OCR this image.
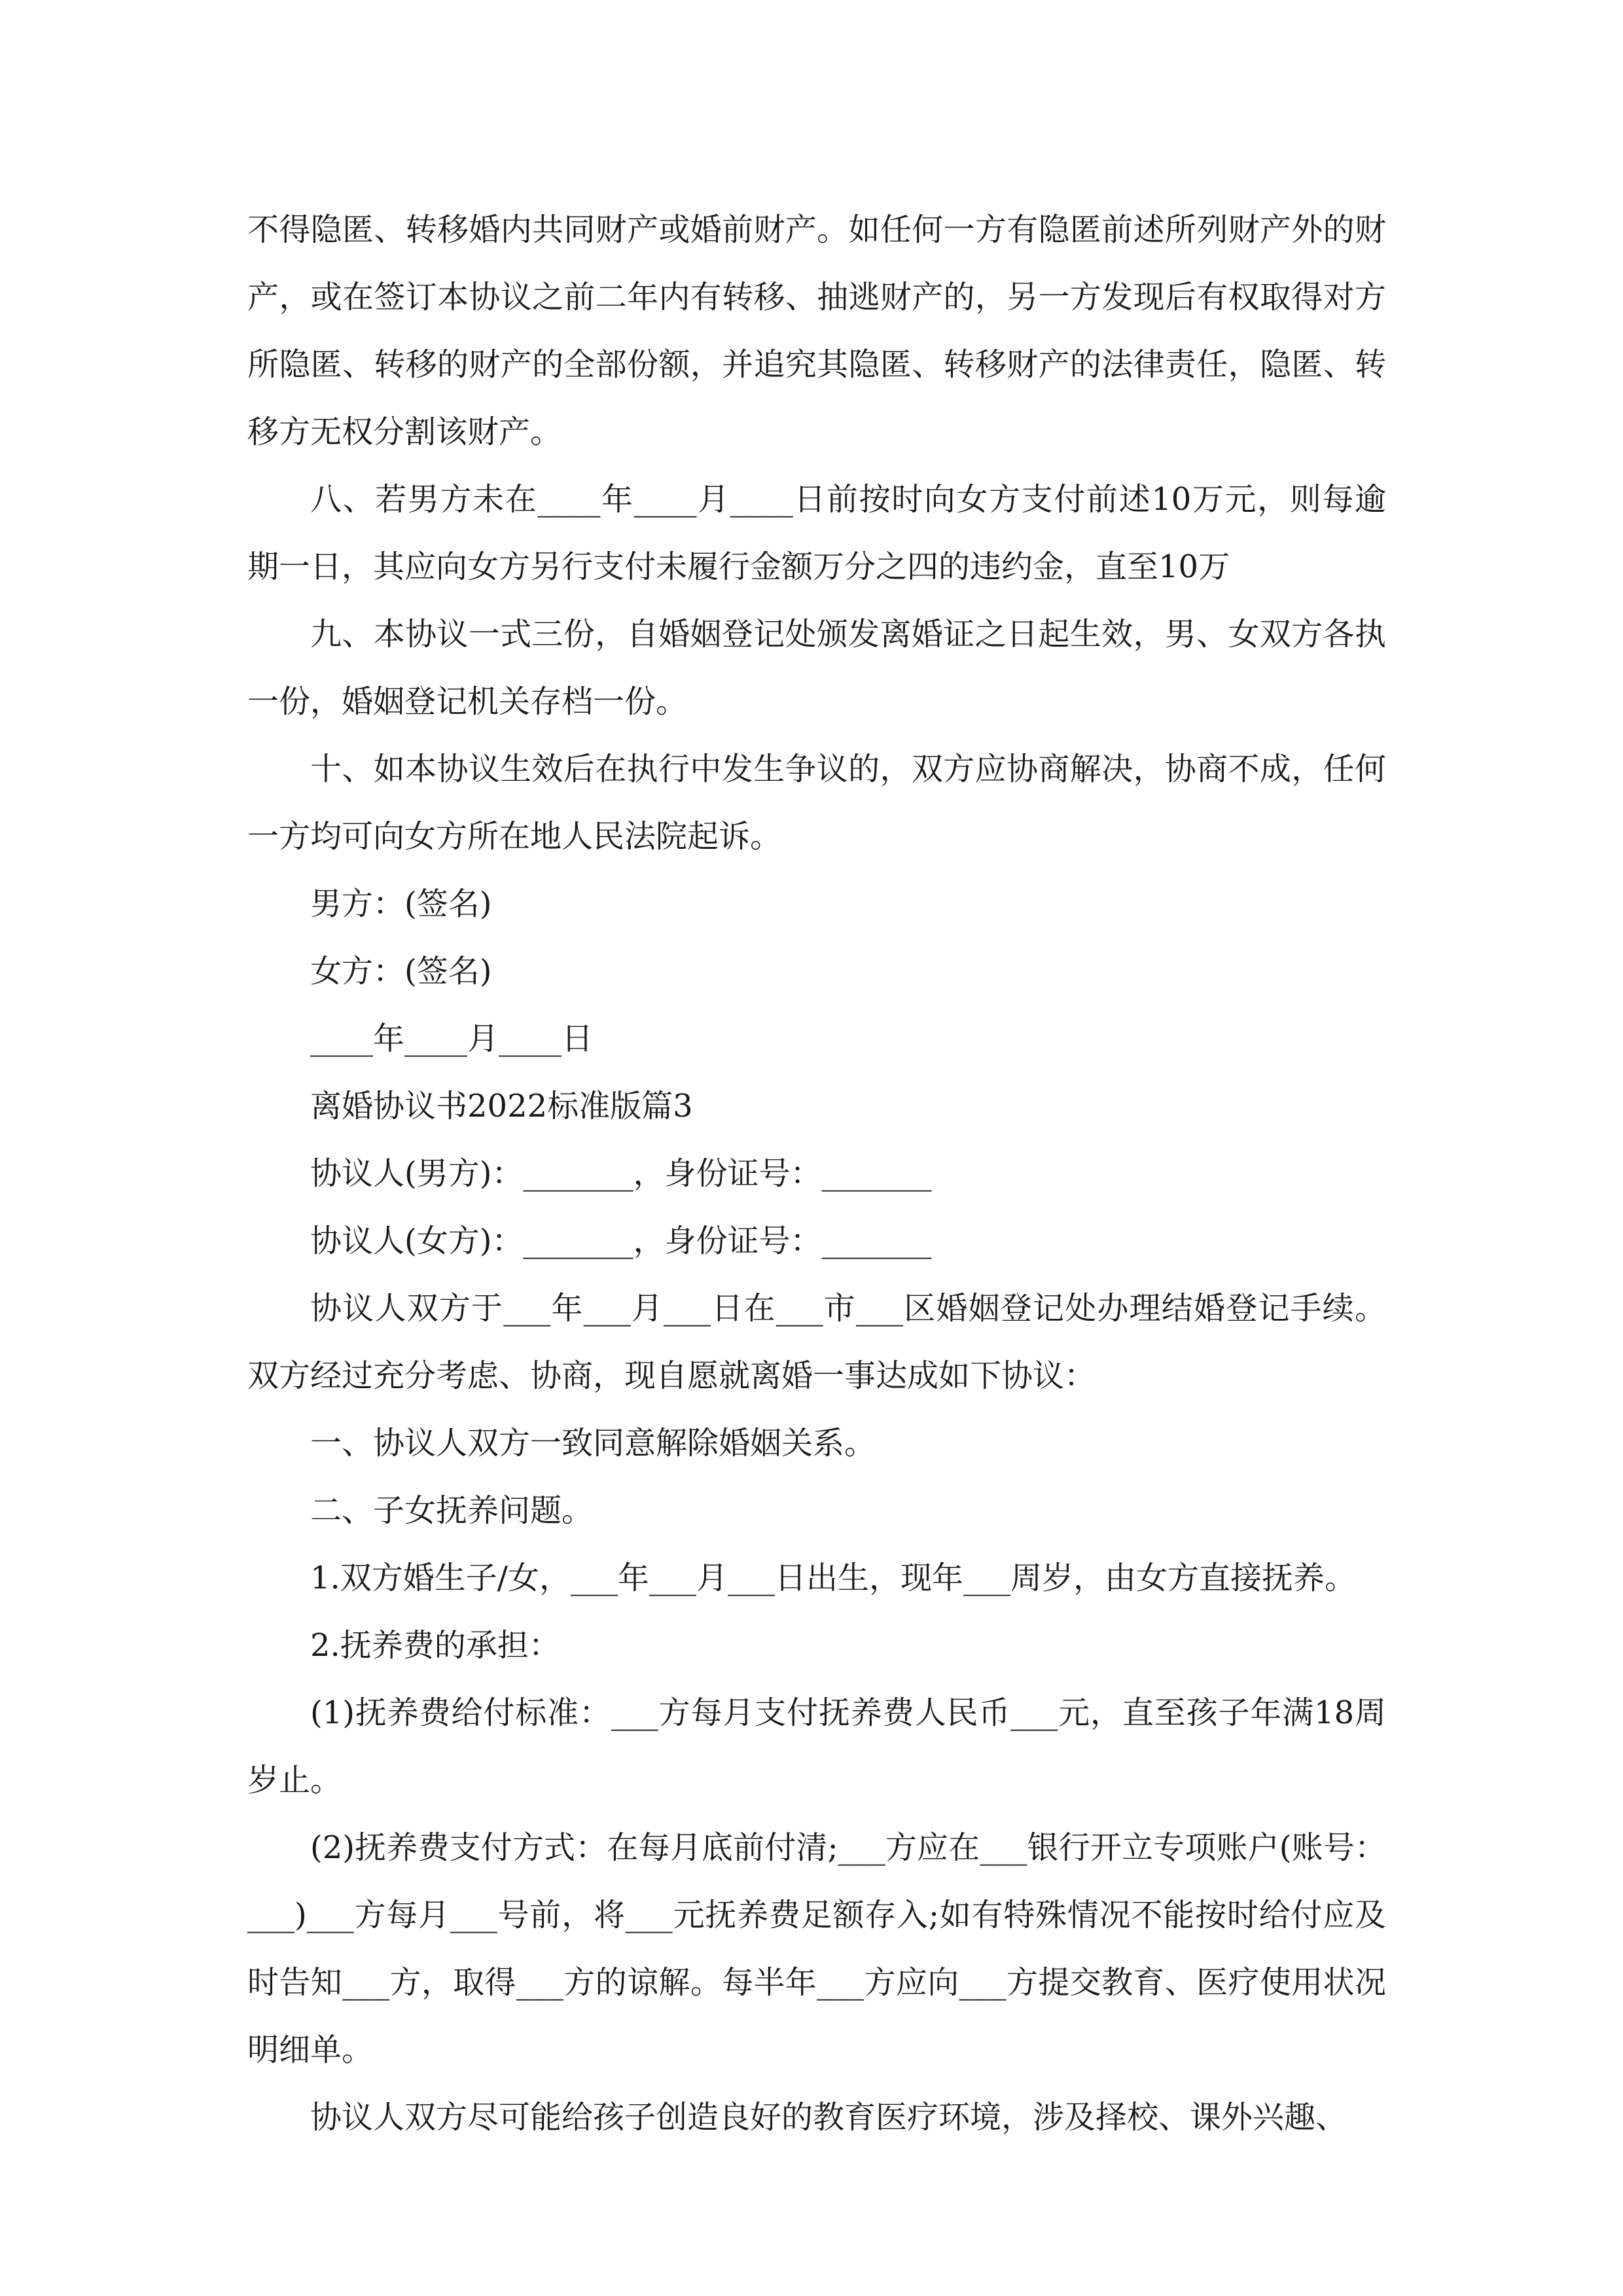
不得隐匿、转移婚内共同财产或婚前财产。如任何一方有隐匿前述所列财产外的财产，或在签订本协议之前二年内有转移、抽逃财产的，另一方发现后有权取得对方所隐匿、转移的财产的全部份额，并追究其隐匿、转移财产的法律责任，隐匿、转移方无权分割该财产。

八、若男方未在____年____月____日前按时向女方支付前述10万元，则每逾期一日，其应向女方另行支付未履行金额万分之四的违约金，直至10万

九、本协议一式三份，自婚姻登记处颁发离婚证之日起生效，男、女双方各执一份，婚姻登记机关存档一份。

十、如本协议生效后在执行中发生争议的，双方应协商解决，协商不成，任何一方均可向女方所在地人民法院起诉。

男方：(签名)

女方：(签名)

____年____月____日

离婚协议书2022标准版篇3

协议人(男方)：_______，身份证号：_______

协议人(女方)：_______，身份证号：_______

协议人双方于___年___月___日在___市___区婚姻登记处办理结婚登记手续。双方经过充分考虑、协商，现自愿就离婚一事达成如下协议：

一、协议人双方一致同意解除婚姻关系。

二、子女抚养问题。

1.双方婚生子/女，___年___月___日出生，现年___周岁，由女方直接抚养。

2.抚养费的承担：

(1)抚养费给付标准：___方每月支付抚养费人民币___元，直至孩子年满18周岁止。

(2)抚养费支付方式：在每月底前付清;___方应在___银行开立专项账户(账号：___)___方每月___号前，将___元抚养费足额存入;如有特殊情况不能按时给付应及时告知___方，取得___方的谅解。每半年___方应向___方提交教育、医疗使用状况明细单。

协议人双方尽可能给孩子创造良好的教育医疗环境，涉及择校、课外兴趣、
